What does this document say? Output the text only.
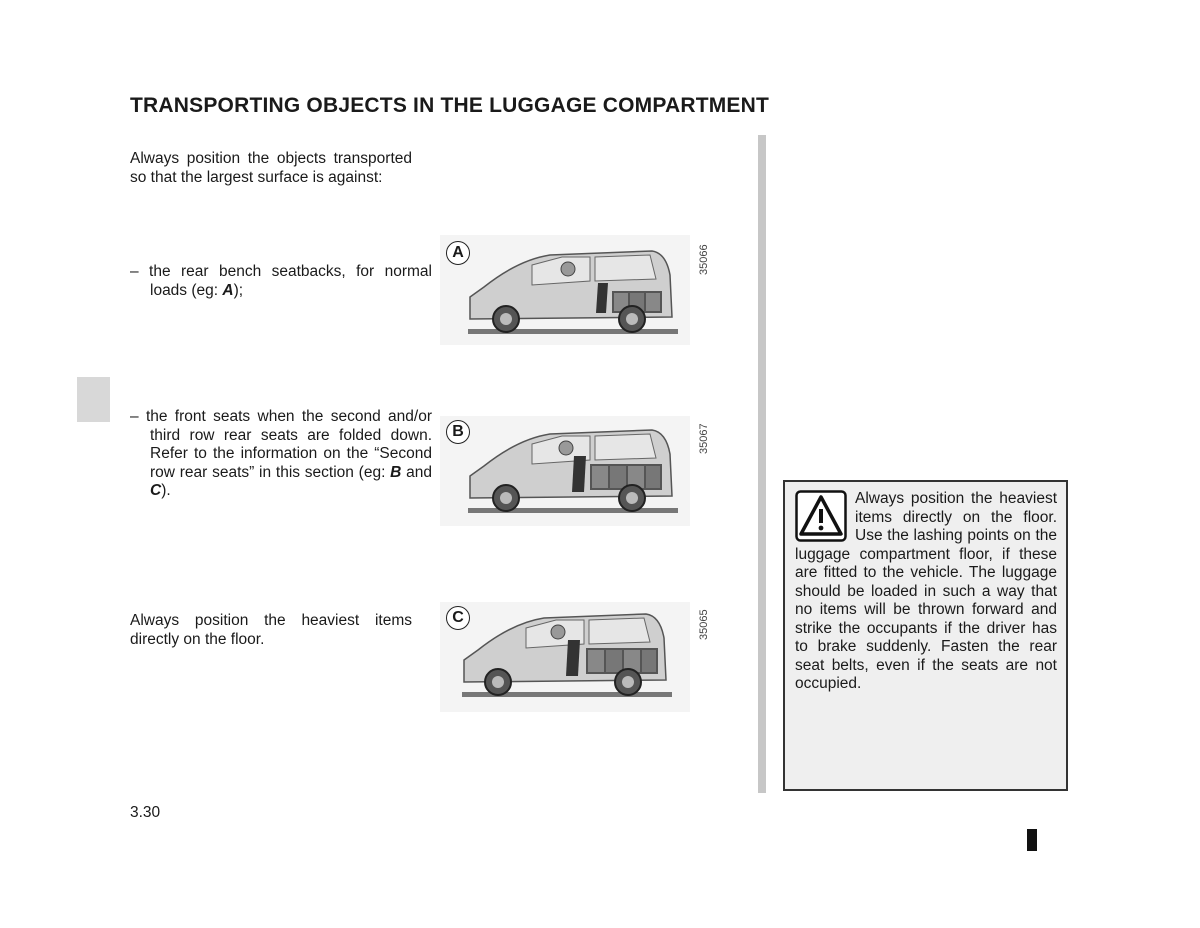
TRANSPORTING OBJECTS IN THE LUGGAGE COMPARTMENT

Always position the objects transported so that the largest surface is against:

– the rear bench seatbacks, for normal loads (eg: A);

– the front seats when the second and/or third row rear seats are folded down. Refer to the information on the “Second row rear seats” in this section (eg: B and C).

Always position the heaviest items directly on the floor.

A	35066
B	35067
C	35065

Always position the heaviest items directly on the floor. Use the lashing points on the luggage compartment floor, if these are fitted to the vehicle. The luggage should be loaded in such a way that no items will be thrown forward and strike the occupants if the driver has to brake suddenly. Fasten the rear seat belts, even if the seats are not occupied.

3.30
